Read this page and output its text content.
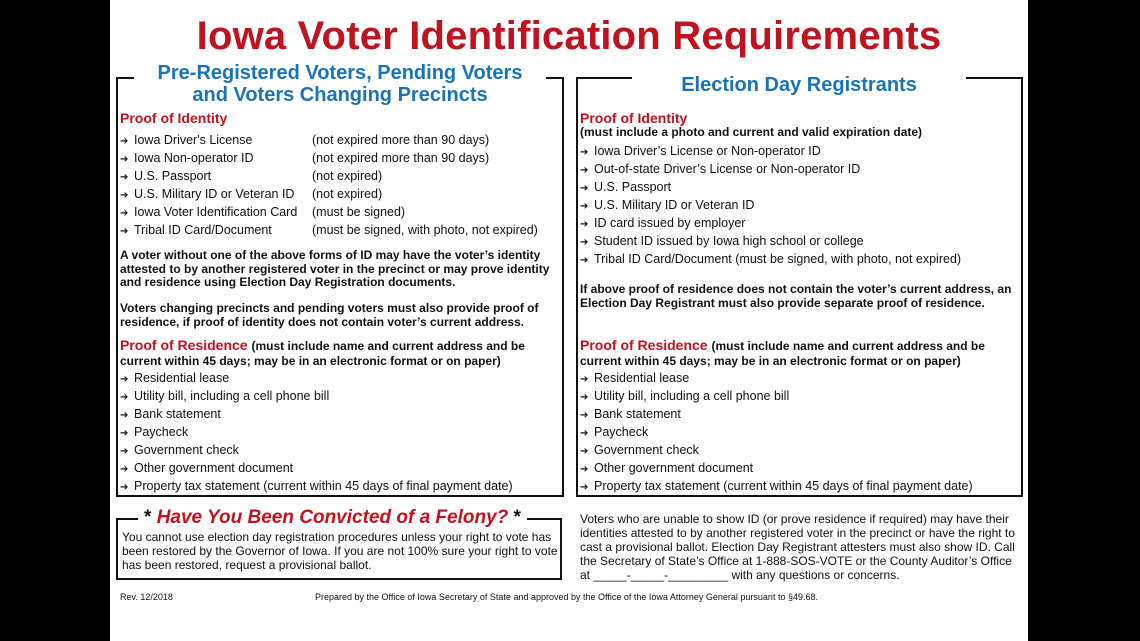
Iowa Voter Identification Requirements
Pre-Registered Voters, Pending Voters
and Voters Changing Precincts
Proof of Identity
➔ Iowa Driver's License	(not expired more than 90 days)
➔ Iowa Non-operator ID	(not expired more than 90 days)
➔ U.S. Passport	(not expired)
➔ U.S. Military ID or Veteran ID (not expired)
➔ Iowa Voter Identification Card (must be signed)
➔ Tribal ID Card/Document	(must be signed, with photo, not expired)
A voter without one of the above forms of ID may have the voter’s identity attested to by another registered voter in the precinct or may prove identity and residence using Election Day Registration documents.
Voters changing precincts and pending voters must also provide proof of residence, if proof of identity does not contain voter’s current address.
Proof of Residence (must include name and current address and be current within 45 days; may be in an electronic format or on paper)
➔ Residential lease
➔ Utility bill, including a cell phone bill
➔ Bank statement
➔ Paycheck
➔ Government check
➔ Other government document
➔ Property tax statement (current within 45 days of final payment date)
Election Day Registrants
Proof of Identity
(must include a photo and current and valid expiration date)
➔ Iowa Driver’s License or Non-operator ID
➔ Out-of-state Driver’s License or Non-operator ID
➔ U.S. Passport
➔ U.S. Military ID or Veteran ID
➔ ID card issued by employer
➔ Student ID issued by Iowa high school or college
➔ Tribal ID Card/Document (must be signed, with photo, not expired)
If above proof of residence does not contain the voter’s current address, an Election Day Registrant must also provide separate proof of residence.
Proof of Residence (must include name and current address and be current within 45 days; may be in an electronic format or on paper)
➔ Residential lease
➔ Utility bill, including a cell phone bill
➔ Bank statement
➔ Paycheck
➔ Government check
➔ Other government document
➔ Property tax statement (current within 45 days of final payment date)
* Have You Been Convicted of a Felony? *
You cannot use election day registration procedures unless your right to vote has been restored by the Governor of Iowa. If you are not 100% sure your right to vote has been restored, request a provisional ballot.
Voters who are unable to show ID (or prove residence if required) may have their identities attested to by another registered voter in the precinct or have the right to cast a provisional ballot. Election Day Registrant attesters must also show ID. Call the Secretary of State’s Office at 1-888-SOS-VOTE or the County Auditor’s Office at _____-_____-_________ with any questions or concerns.
Rev. 12/2018	Prepared by the Office of Iowa Secretary of State and approved by the Office of the Iowa Attorney General pursuant to §49.68.
